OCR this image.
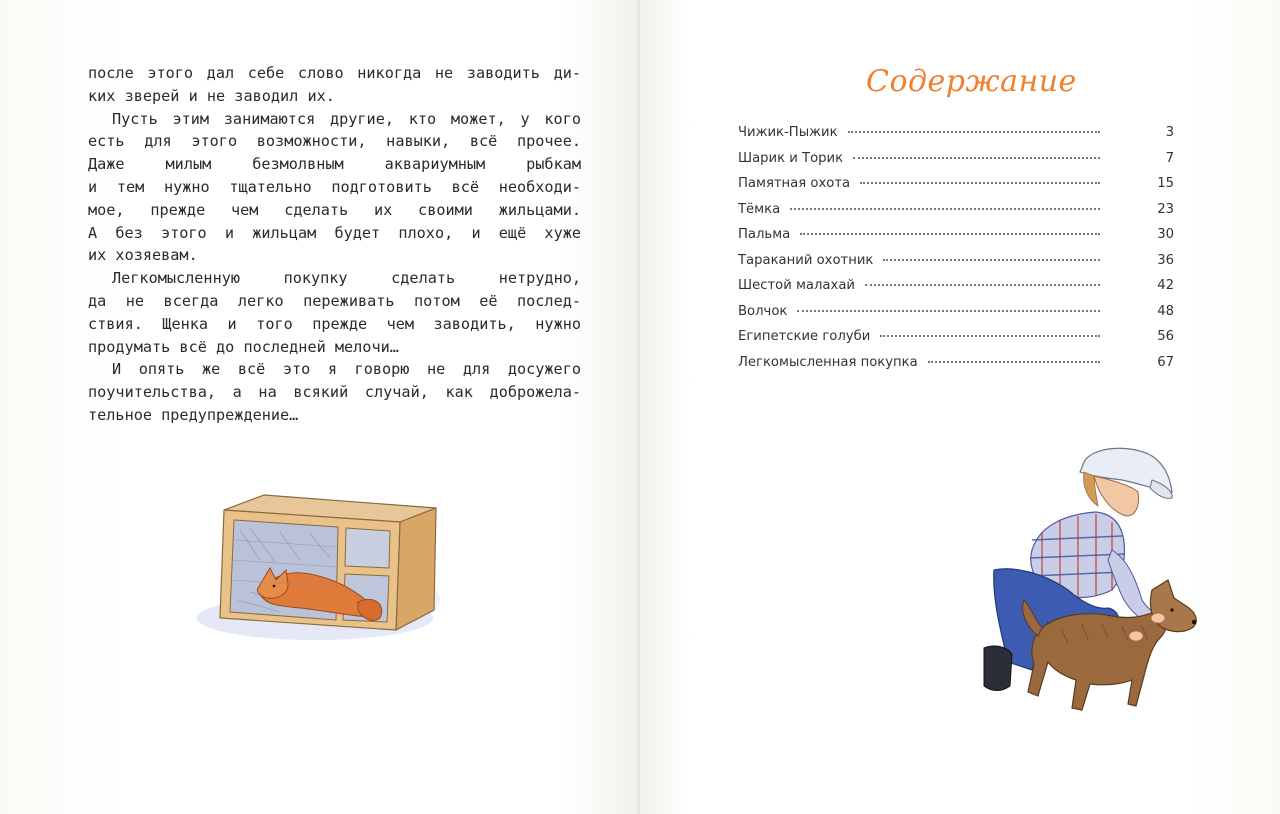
после этого дал себе слово никогда не заводить ди-
ких зверей и не заводил их.
Пусть этим занимаются другие, кто может, у кого
есть для этого возможности, навыки, всё прочее.
Даже милым безмолвным аквариумным рыбкам
и тем нужно тщательно подготовить всё необходи-
мое, прежде чем сделать их своими жильцами.
А без этого и жильцам будет плохо, и ещё хуже
их хозяевам.
Легкомысленную покупку сделать нетрудно,
да не всегда легко переживать потом её послед-
ствия. Щенка и того прежде чем заводить, нужно
продумать всё до последней мелочи…
И опять же всё это я говорю не для досужего
поучительства, а на всякий случай, как доброжела-
тельное предупреждение…
Содержание
Чижик-Пыжик	3
Шарик и Торик	7
Памятная охота	15
Тёмка	23
Пальма	30
Тараканий охотник	36
Шестой малахай	42
Волчок	48
Египетские голуби	56
Легкомысленная покупка	67
